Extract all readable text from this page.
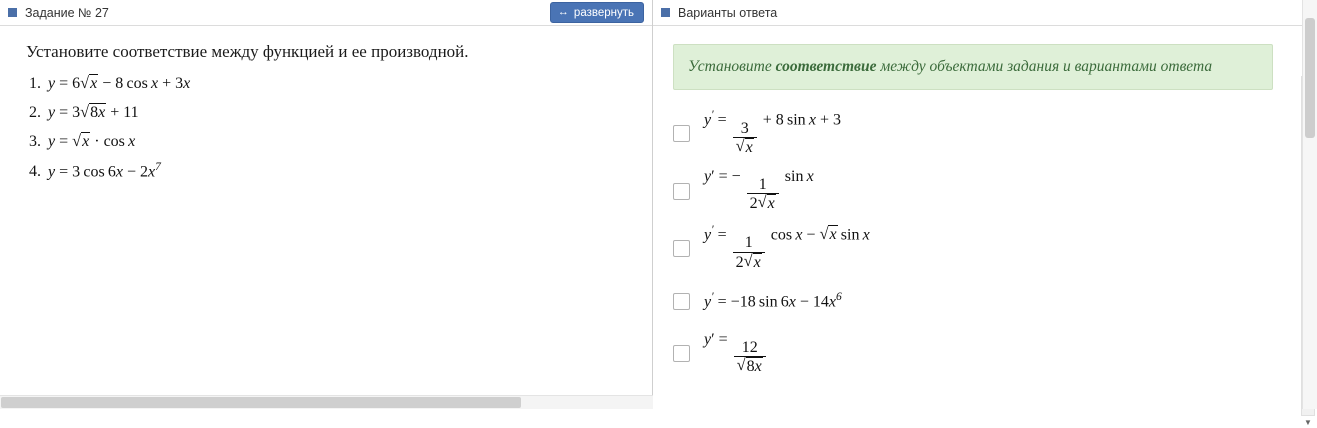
Задание № 27	↔ развернуть
Установите соответствие между функцией и ее производной.
1. y = 6 √ x − 8 cos x + 3x
2. y = 3 √ 8x + 11
3. y = √ x · cos x
4. y = 3 $\cos 6x - 2x^7$
Варианты ответа
Установите соответствие между объектами задания и вариантами ответа
y′ = 3
√ x + 8 sin x + 3
y′ = − $\frac{1}{2 √ x}$ sin x
$y' = \frac{1}{2 √ x}$ cos x − √ x sin x
y′ = −18 $\sin 6x - 14x^6$
y′ = 12
√ 8x
▼
